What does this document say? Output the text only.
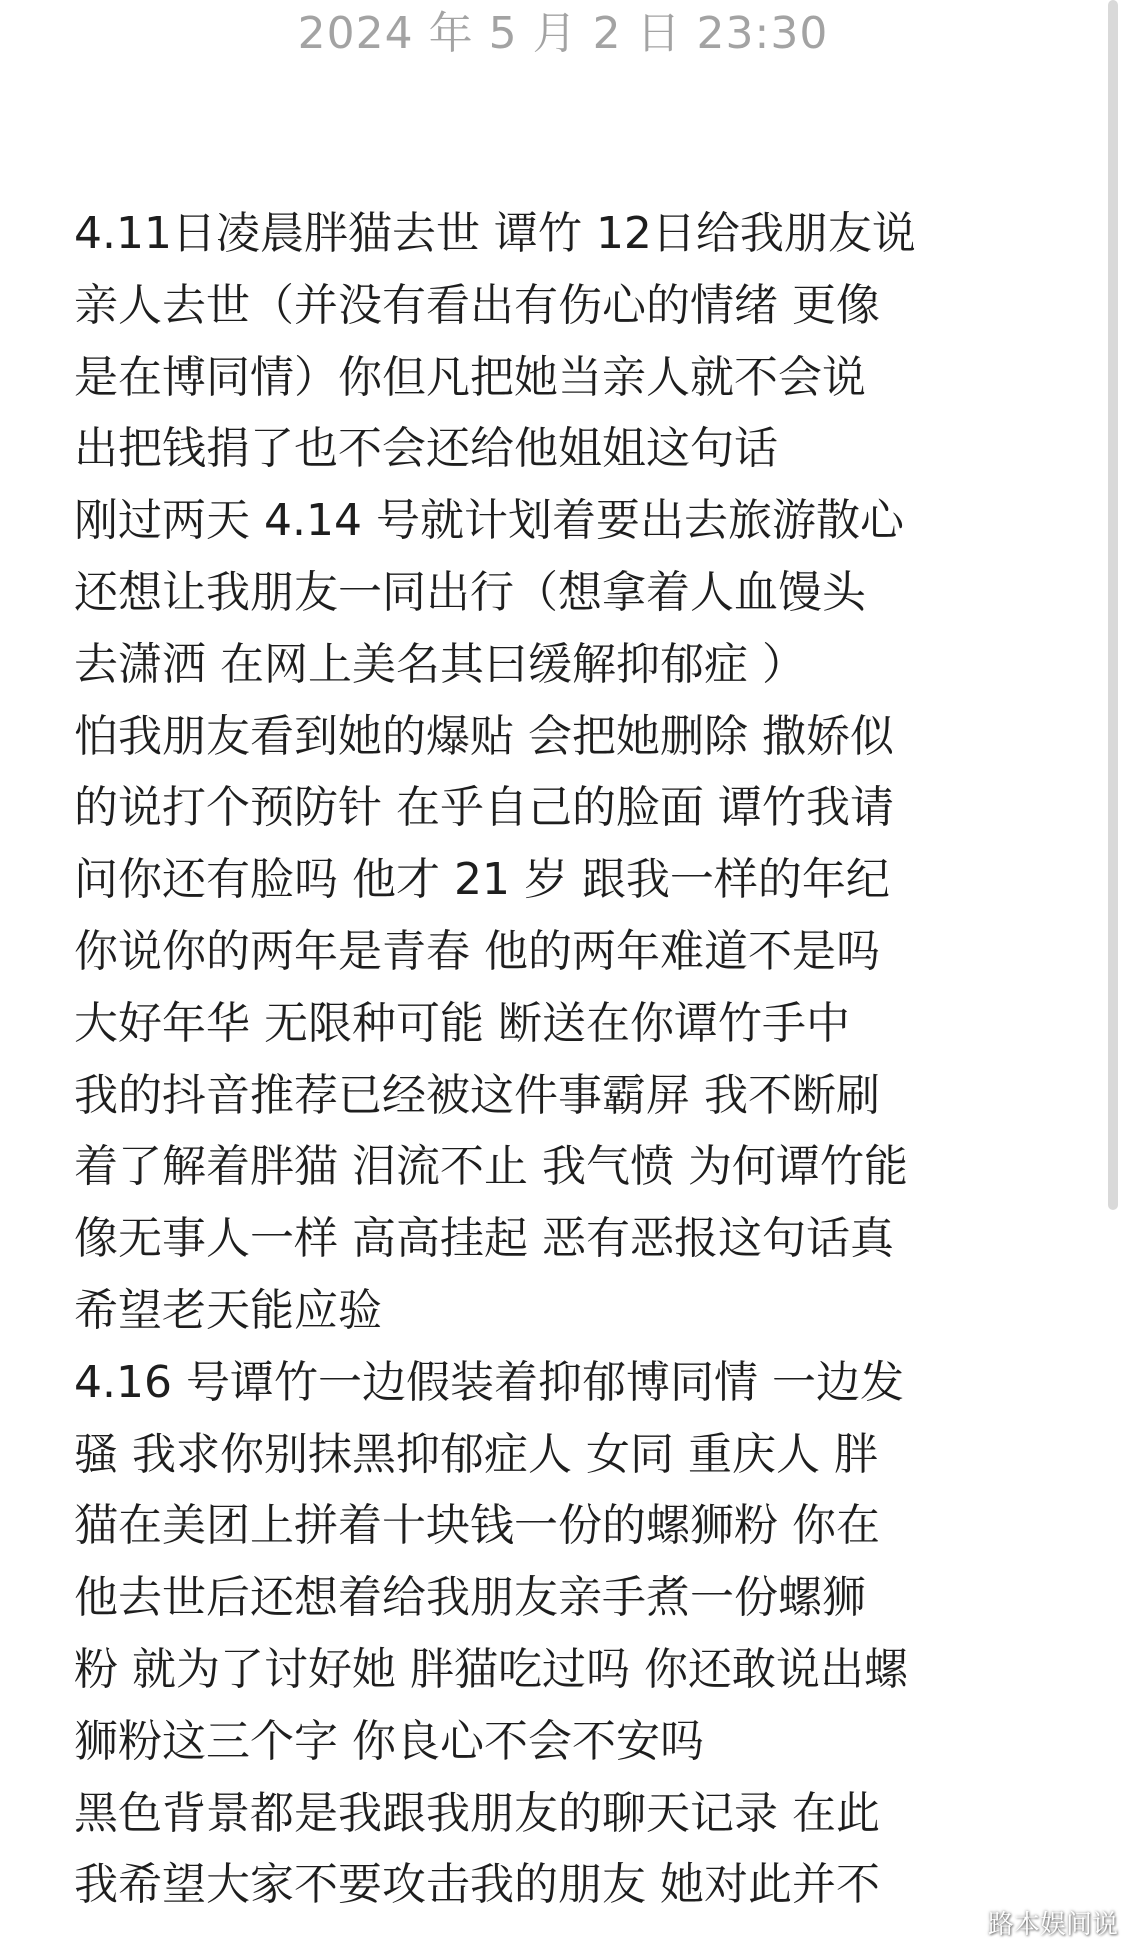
2024 年 5 月 2 日 23:30
4.11日凌晨胖猫去世 谭竹 12日给我朋友说
亲人去世（并没有看出有伤心的情绪 更像
是在博同情）你但凡把她当亲人就不会说
出把钱捐了也不会还给他姐姐这句话
刚过两天 4.14 号就计划着要出去旅游散心
还想让我朋友一同出行（想拿着人血馒头
去潇洒 在网上美名其曰缓解抑郁症 ）
怕我朋友看到她的爆贴 会把她删除 撒娇似
的说打个预防针 在乎自己的脸面 谭竹我请
问你还有脸吗 他才 21 岁 跟我一样的年纪
你说你的两年是青春 他的两年难道不是吗
大好年华 无限种可能 断送在你谭竹手中
我的抖音推荐已经被这件事霸屏 我不断刷
着了解着胖猫 泪流不止 我气愤 为何谭竹能
像无事人一样 高高挂起 恶有恶报这句话真
希望老天能应验
4.16 号谭竹一边假装着抑郁博同情 一边发
骚 我求你别抹黑抑郁症人 女同 重庆人 胖
猫在美团上拼着十块钱一份的螺狮粉 你在
他去世后还想着给我朋友亲手煮一份螺狮
粉 就为了讨好她 胖猫吃过吗 你还敢说出螺
狮粉这三个字 你良心不会不安吗
黑色背景都是我跟我朋友的聊天记录 在此
我希望大家不要攻击我的朋友 她对此并不
路本娱间说
